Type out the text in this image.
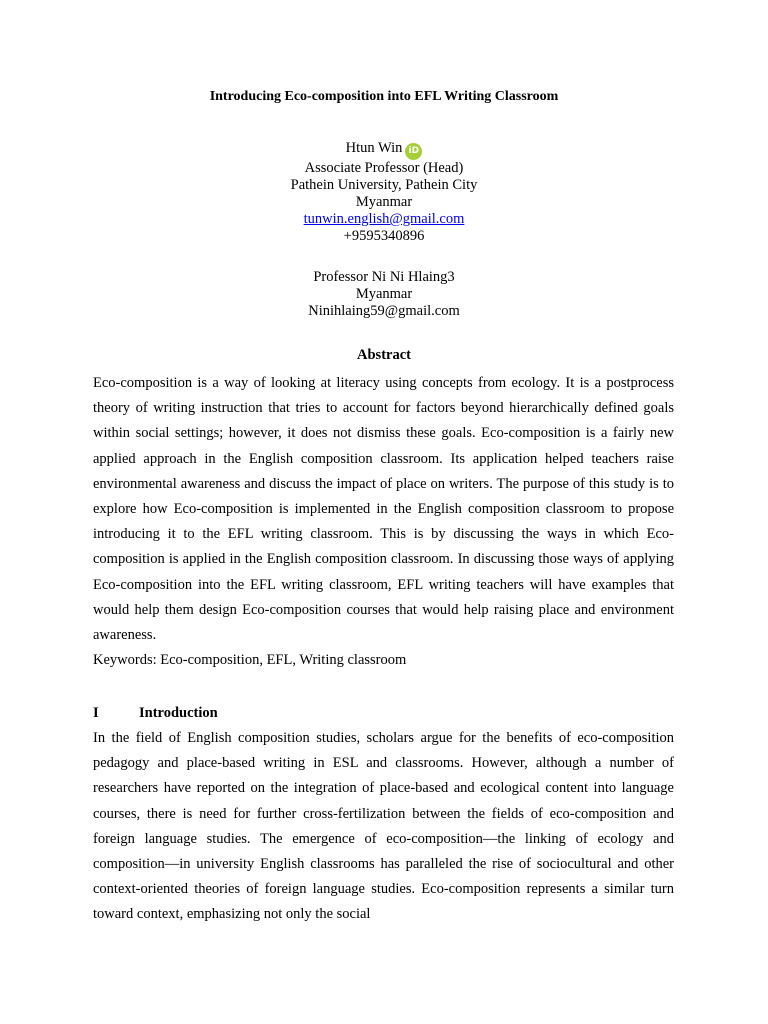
Introducing Eco-composition into EFL Writing Classroom
Htun Win iD
Associate Professor (Head)
Pathein University, Pathein City
Myanmar
tunwin.english@gmail.com
+9595340896
Professor Ni Ni Hlaing3
Myanmar
Ninihlaing59@gmail.com
Abstract

Eco-composition is a way of looking at literacy using concepts from ecology. It is a postprocess theory of writing instruction that tries to account for factors beyond hierarchically defined goals within social settings; however, it does not dismiss these goals. Eco-composition is a fairly new applied approach in the English composition classroom. Its application helped teachers raise environmental awareness and discuss the impact of place on writers. The purpose of this study is to explore how Eco-composition is implemented in the English composition classroom to propose introducing it to the EFL writing classroom. This is by discussing the ways in which Eco-composition is applied in the English composition classroom. In discussing those ways of applying Eco-composition into the EFL writing classroom, EFL writing teachers will have examples that would help them design Eco-composition courses that would help raising place and environment awareness.

Keywords: Eco-composition, EFL, Writing classroom
I	Introduction

In the field of English composition studies, scholars argue for the benefits of eco-composition pedagogy and place-based writing in ESL and classrooms. However, although a number of researchers have reported on the integration of place-based and ecological content into language courses, there is need for further cross-fertilization between the fields of eco-composition and foreign language studies. The emergence of eco-composition—the linking of ecology and composition—in university English classrooms has paralleled the rise of sociocultural and other context-oriented theories of foreign language studies. Eco-composition represents a similar turn toward context, emphasizing not only the social
